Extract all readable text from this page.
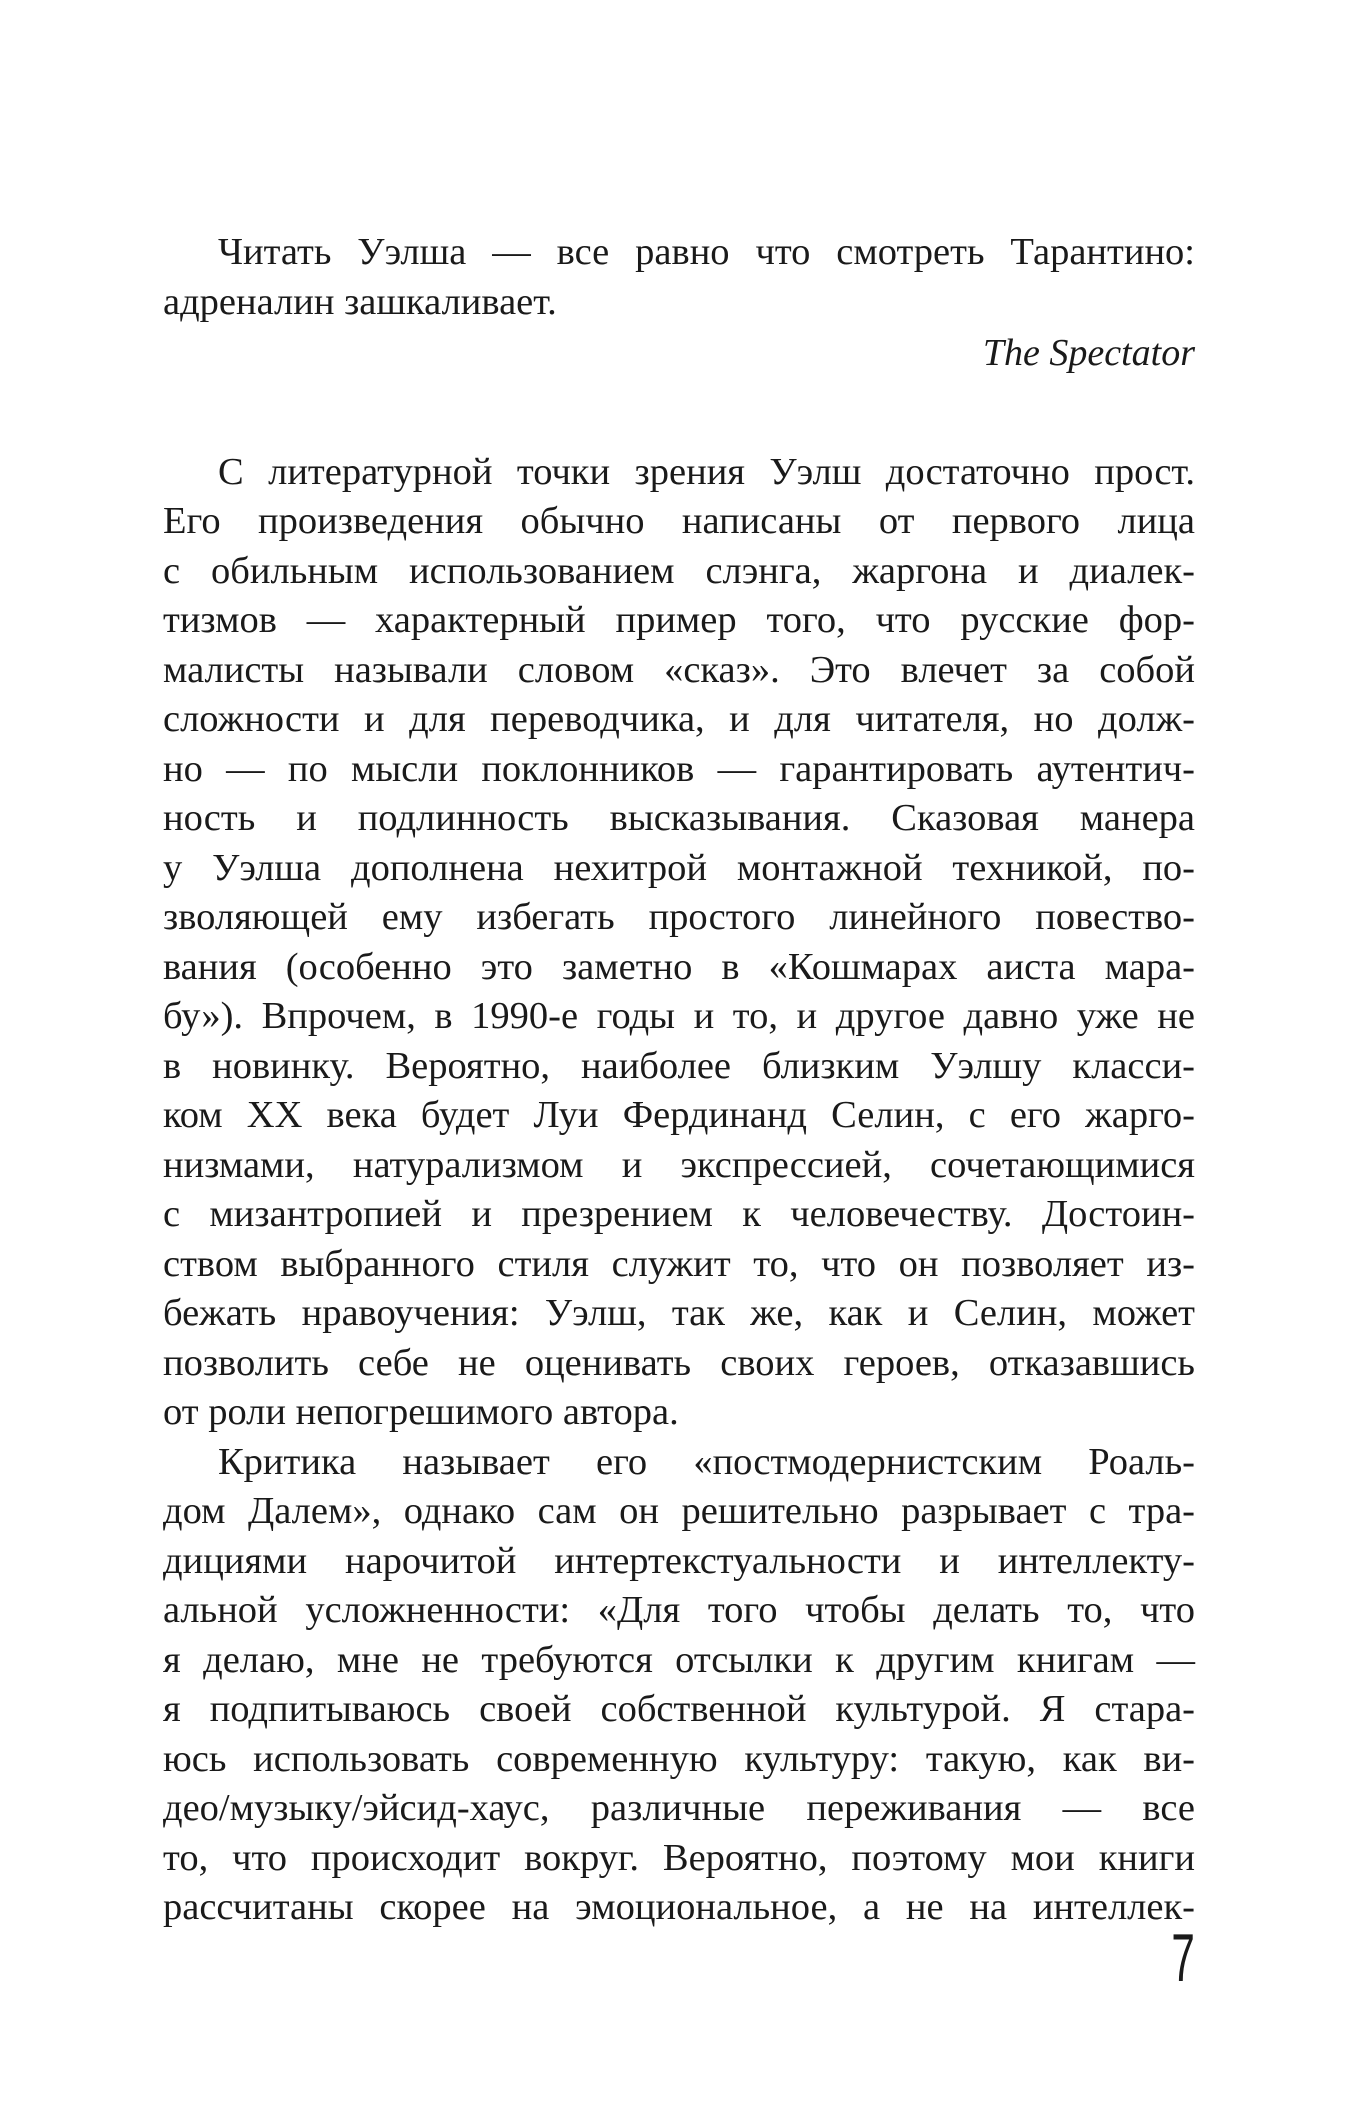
Читать Уэлша — все равно что смотреть Тарантино:
адреналин зашкаливает.
The Spectator
С литературной точки зрения Уэлш достаточно прост.
Его произведения обычно написаны от первого лица
с обильным использованием слэнга, жаргона и диалек-
тизмов — характерный пример того, что русские фор-
малисты называли словом «сказ». Это влечет за собой
сложности и для переводчика, и для читателя, но долж-
но — по мысли поклонников — гарантировать аутентич-
ность и подлинность высказывания. Сказовая манера
у Уэлша дополнена нехитрой монтажной техникой, по-
зволяющей ему избегать простого линейного повество-
вания (особенно это заметно в «Кошмарах аиста мара-
бу»). Впрочем, в 1990-е годы и то, и другое давно уже не
в новинку. Вероятно, наиболее близким Уэлшу класси-
ком XX века будет Луи Фердинанд Селин, с его жарго-
низмами, натурализмом и экспрессией, сочетающимися
с мизантропией и презрением к человечеству. Достоин-
ством выбранного стиля служит то, что он позволяет из-
бежать нравоучения: Уэлш, так же, как и Селин, может
позволить себе не оценивать своих героев, отказавшись
от роли непогрешимого автора.
Критика называет его «постмодернистским Роаль-
дом Далем», однако сам он решительно разрывает с тра-
дициями нарочитой интертекстуальности и интеллекту-
альной усложненности: «Для того чтобы делать то, что
я делаю, мне не требуются отсылки к другим книгам —
я подпитываюсь своей собственной культурой. Я стара-
юсь использовать современную культуру: такую, как ви-
део/музыку/эйсид-хаус, различные переживания — все
то, что происходит вокруг. Вероятно, поэтому мои книги
рассчитаны скорее на эмоциональное, а не на интеллек-
7
